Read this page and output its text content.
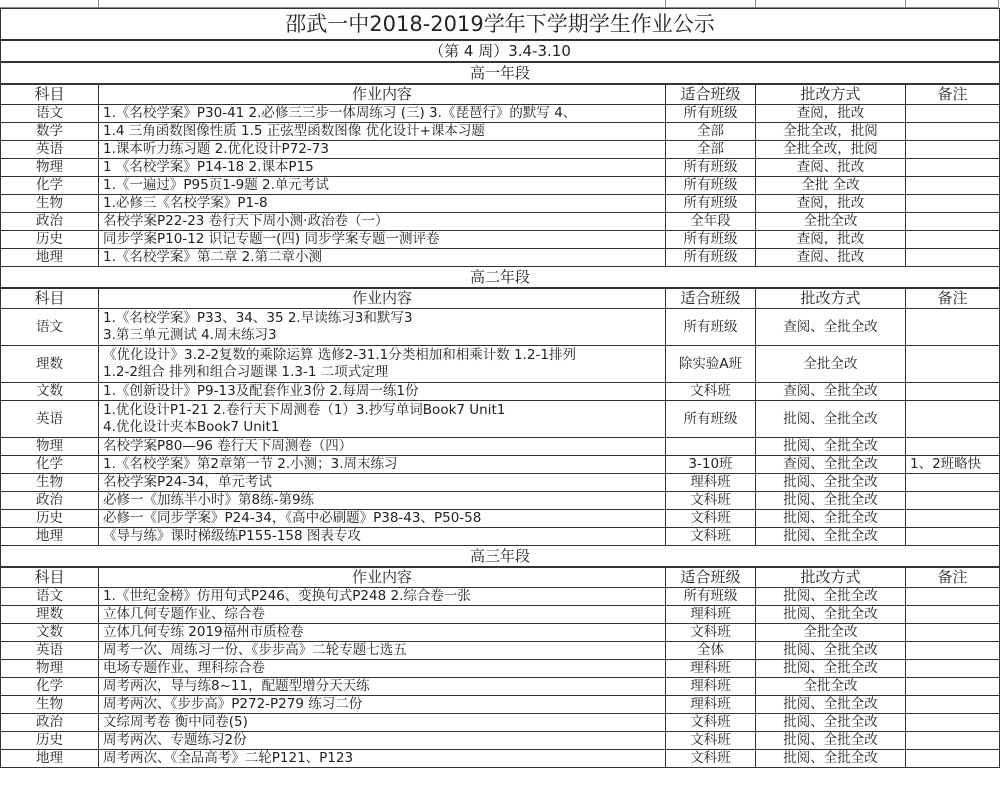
邵武一中2018-2019学年下学期学生作业公示				
（第 4 周）3.4-3.10				
高一年段				
科目	作业内容	适合班级	批改方式	备注
语文	1.《名校学案》P30-41 2.必修三三步一体周练习 (三) 3.《琵琶行》的默写 4、	所有班级	查阅，批改	
数学	1.4 三角函数图像性质 1.5 正弦型函数图像 优化设计+课本习题	全部	全批全改，批阅	
英语	1.课本听力练习题 2.优化设计P72-73	全部	全批全改，批阅	
物理	1 《名校学案》P14-18 2.课本P15	所有班级	查阅、批改	
化学	1.《一遍过》P95页1-9题 2.单元考试	所有班级	全批 全改	
生物	1.必修三《名校学案》P1-8	所有班级	查阅，批改	
政治	名校学案P22-23 卷行天下周小测·政治卷（一）	全年段	全批全改	
历史	同步学案P10-12 识记专题一(四) 同步学案专题一测评卷	所有班级	查阅，批改	
地理	1.《名校学案》第二章 2.第二章小测	所有班级	查阅、批改	
高二年段				
科目	作业内容	适合班级	批改方式	备注
语文	1.《名校学案》P33、34、35 2.早读练习3和默写3
3.第三单元测试 4.周末练习3	所有班级	查阅、全批全改	
理数	《优化设计》3.2-2复数的乘除运算 选修2-31.1分类相加和相乘计数 1.2-1排列
1.2-2组合 排列和组合习题课 1.3-1 二项式定理	除实验A班	全批全改	
文数	1.《创新设计》P9-13及配套作业3份 2.每周一练1份	文科班	查阅、全批全改	
英语	1.优化设计P1-21 2.卷行天下周测卷（1）3.抄写单词Book7 Unit1
4.优化设计夹本Book7 Unit1	所有班级	批阅、全批全改	
物理	名校学案P80—96 卷行天下周测卷（四）		批阅、全批全改	
化学	1.《名校学案》第2章第一节 2.小测；3.周末练习	3-10班	查阅、全批全改	1、2班略快
生物	名校学案P24-34，单元考试	理科班	批阅、全批全改	
政治	必修一《加练半小时》第8练-第9练	文科班	批阅、全批全改	
历史	必修一《同步学案》P24-34，《高中必刷题》P38-43、P50-58	文科班	批阅、全批全改	
地理	《导与练》课时梯级练P155-158 图表专攻	文科班	批阅、全批全改	
高三年段				
科目	作业内容	适合班级	批改方式	备注
语文	1.《世纪金榜》仿用句式P246、变换句式P248 2.综合卷一张	所有班级	批阅、全批全改	
理数	立体几何专题作业、综合卷	理科班	批阅、全批全改	
文数	立体几何专练 2019福州市质检卷	文科班	全批全改	
英语	周考一次、周练习一份、《步步高》二轮专题七选五	全体	批阅、全批全改	
物理	电场专题作业、理科综合卷	理科班	批阅、全批全改	
化学	周考两次，导与练8~11，配题型增分天天练	理科班	全批全改	
生物	周考两次、《步步高》P272-P279 练习二份	理科班	批阅、全批全改	
政治	文综周考卷 衡中同卷(5)	文科班	批阅、全批全改	
历史	周考两次、专题练习2份	文科班	批阅、全批全改	
地理	周考两次、《全品高考》二轮P121、P123	文科班	批阅、全批全改	
